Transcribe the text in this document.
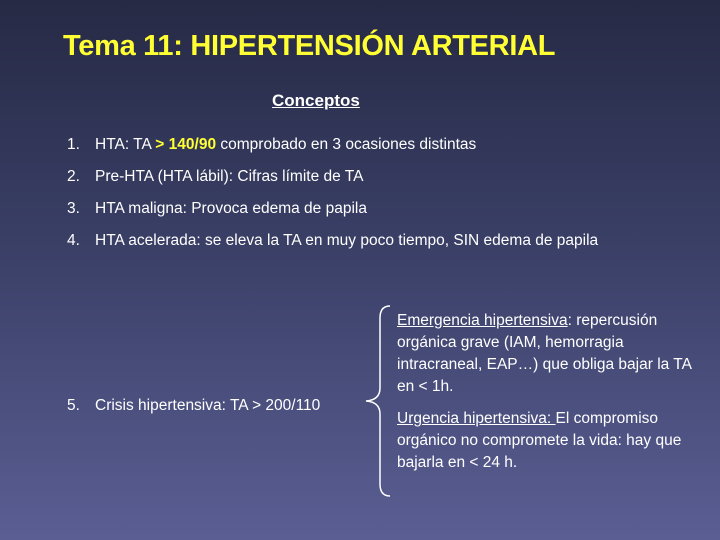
Tema 11: HIPERTENSIÓN ARTERIAL
Conceptos
1. HTA: TA > 140/90 comprobado en 3 ocasiones distintas
2. Pre-HTA (HTA lábil): Cifras límite de TA
3. HTA maligna: Provoca edema de papila
4. HTA acelerada: se eleva la TA en muy poco tiempo, SIN edema de papila
5. Crisis hipertensiva: TA > 200/110
Emergencia hipertensiva: repercusión orgánica grave (IAM, hemorragia intracraneal, EAP…) que obliga bajar la TA en < 1h.
Urgencia hipertensiva: El compromiso orgánico no compromete la vida: hay que bajarla en < 24 h.
